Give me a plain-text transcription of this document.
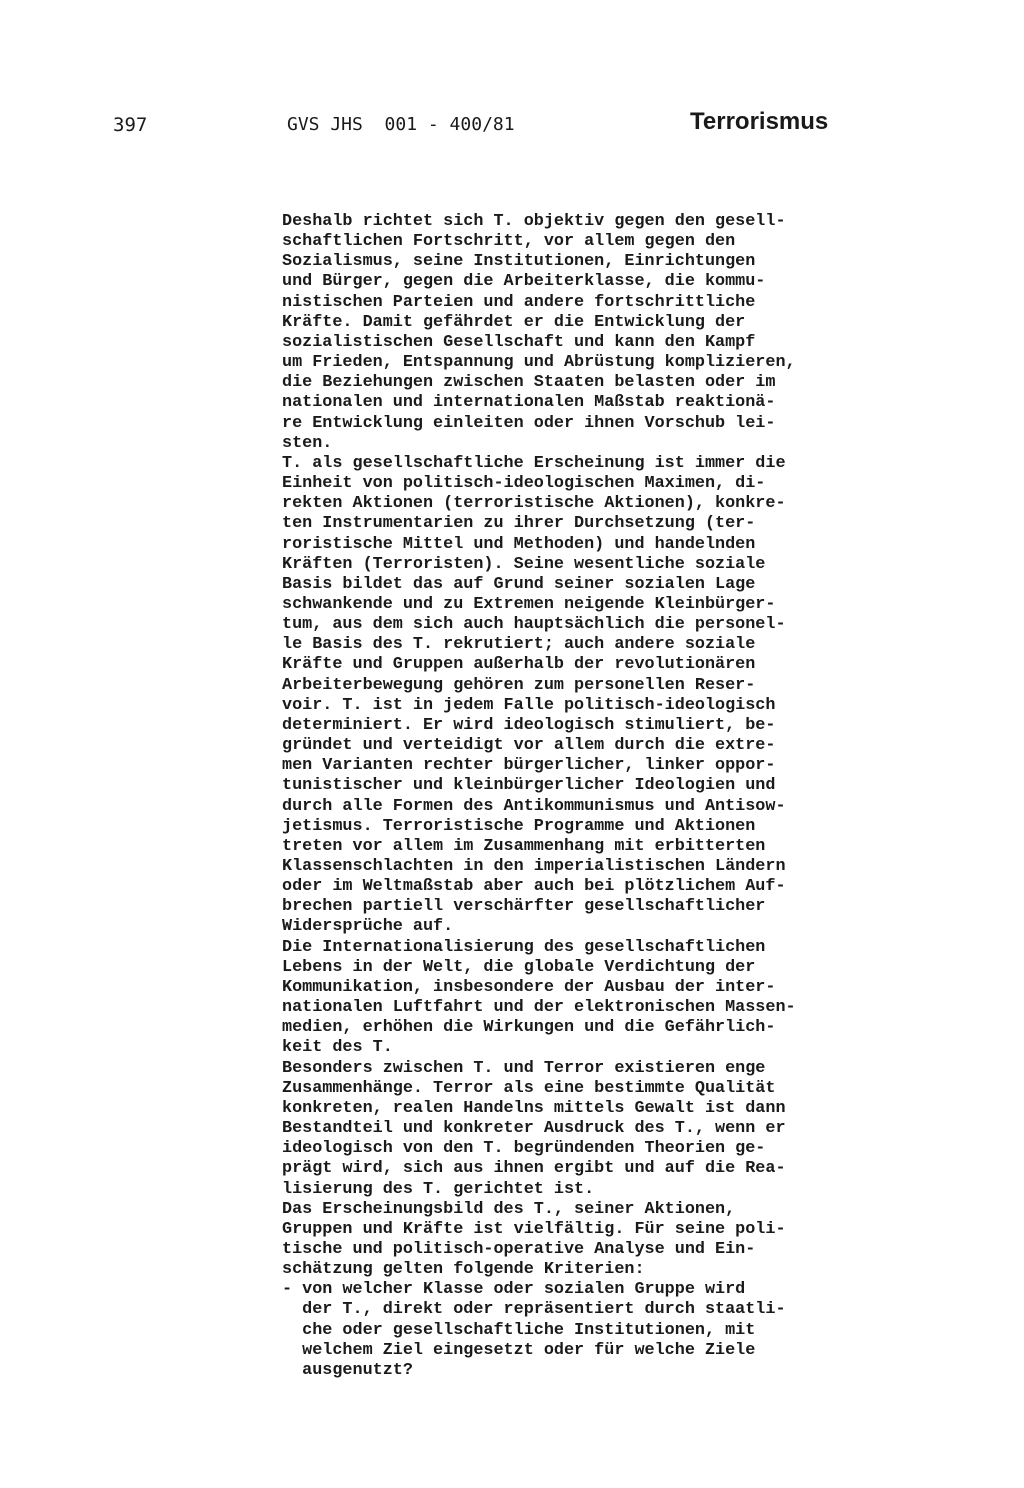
397	GVS JHS  001 - 400/81	Terrorismus
Deshalb richtet sich T. objektiv gegen den gesell-
schaftlichen Fortschritt, vor allem gegen den
Sozialismus, seine Institutionen, Einrichtungen
und Bürger, gegen die Arbeiterklasse, die kommu-
nistischen Parteien und andere fortschrittliche
Kräfte. Damit gefährdet er die Entwicklung der
sozialistischen Gesellschaft und kann den Kampf
um Frieden, Entspannung und Abrüstung komplizieren,
die Beziehungen zwischen Staaten belasten oder im
nationalen und internationalen Maßstab reaktionä-
re Entwicklung einleiten oder ihnen Vorschub lei-
sten.
T. als gesellschaftliche Erscheinung ist immer die
Einheit von politisch-ideologischen Maximen, di-
rekten Aktionen (terroristische Aktionen), konkre-
ten Instrumentarien zu ihrer Durchsetzung (ter-
roristische Mittel und Methoden) und handelnden
Kräften (Terroristen). Seine wesentliche soziale
Basis bildet das auf Grund seiner sozialen Lage
schwankende und zu Extremen neigende Kleinbürger-
tum, aus dem sich auch hauptsächlich die personel-
le Basis des T. rekrutiert; auch andere soziale
Kräfte und Gruppen außerhalb der revolutionären
Arbeiterbewegung gehören zum personellen Reser-
voir. T. ist in jedem Falle politisch-ideologisch
determiniert. Er wird ideologisch stimuliert, be-
gründet und verteidigt vor allem durch die extre-
men Varianten rechter bürgerlicher, linker oppor-
tunistischer und kleinbürgerlicher Ideologien und
durch alle Formen des Antikommunismus und Antisow-
jetismus. Terroristische Programme und Aktionen
treten vor allem im Zusammenhang mit erbitterten
Klassenschlachten in den imperialistischen Ländern
oder im Weltmaßstab aber auch bei plötzlichem Auf-
brechen partiell verschärfter gesellschaftlicher
Widersprüche auf.
Die Internationalisierung des gesellschaftlichen
Lebens in der Welt, die globale Verdichtung der
Kommunikation, insbesondere der Ausbau der inter-
nationalen Luftfahrt und der elektronischen Massen-
medien, erhöhen die Wirkungen und die Gefährlich-
keit des T.
Besonders zwischen T. und Terror existieren enge
Zusammenhänge. Terror als eine bestimmte Qualität
konkreten, realen Handelns mittels Gewalt ist dann
Bestandteil und konkreter Ausdruck des T., wenn er
ideologisch von den T. begründenden Theorien ge-
prägt wird, sich aus ihnen ergibt und auf die Rea-
lisierung des T. gerichtet ist.
Das Erscheinungsbild des T., seiner Aktionen,
Gruppen und Kräfte ist vielfältig. Für seine poli-
tische und politisch-operative Analyse und Ein-
schätzung gelten folgende Kriterien:
- von welcher Klasse oder sozialen Gruppe wird
der T., direkt oder repräsentiert durch staatli-
che oder gesellschaftliche Institutionen, mit
welchem Ziel eingesetzt oder für welche Ziele
ausgenutzt?
